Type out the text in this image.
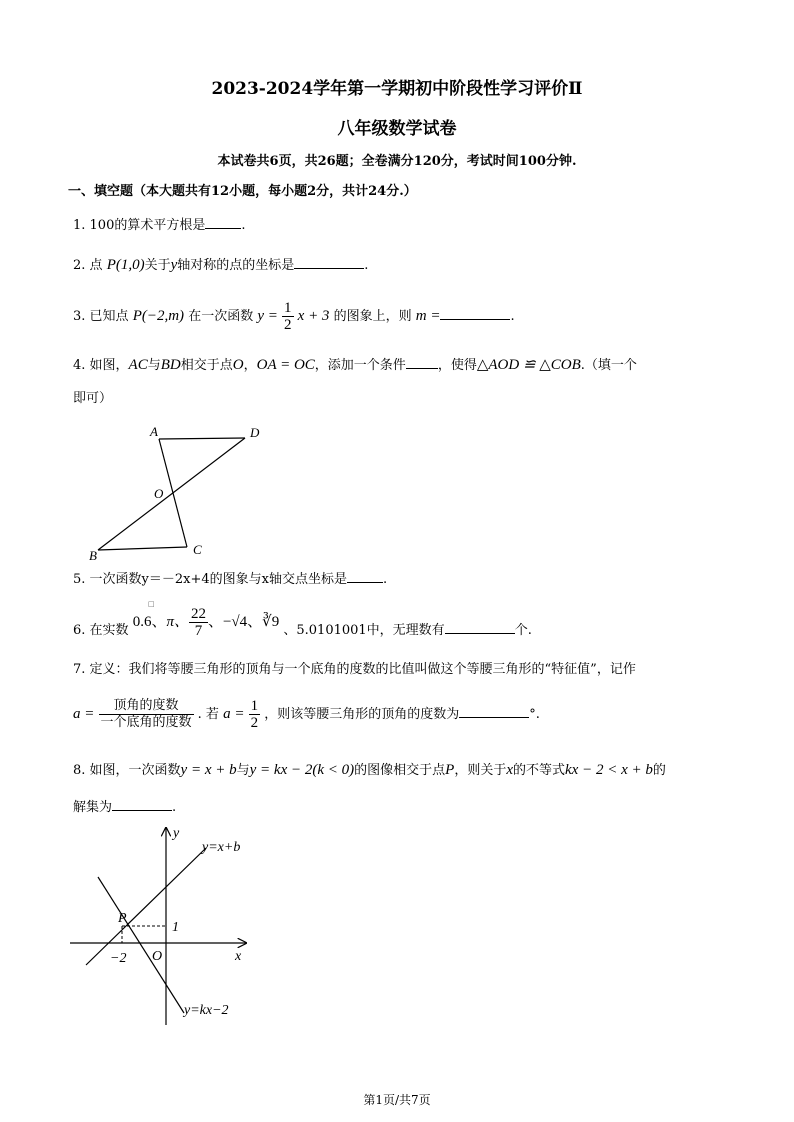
2023-2024学年第一学期初中阶段性学习评价Ⅱ
八年级数学试卷
本试卷共6页，共26题；全卷满分120分，考试时间100分钟.
一、填空题（本大题共有12小题，每小题2分，共计24分.）
1. 100的算术平方根是	.
2. 点 P(1,0)关于y轴对称的点的坐标是	.
3. 已知点 P(−2,m) 在一次函数 $y = \frac{1}{2}$ x + 3 的图象上，则 m =	.
4. 如图，AC与BD相交于点O，OA = OC，添加一个条件 ，使得△AOD ≌ △COB.（填一个
即可）
A	D
O
B	C
5. 一次函数y＝－2x+4的图象与x轴交点坐标是	.
□
6. 在实数 0.6、π、 $\frac{22}{7}$ 、−√4、∛9 、5.0101001中，无理数有	个.
7. 定义：我们将等腰三角形的顶角与一个底角的度数的比值叫做这个等腰三角形的“特征值”，记作
$a = \frac{\text{顶角的度数}}{\text{一个底角的度数}}$ . 若 $a = \frac{1}{2}$ ，则该等腰三角形的顶角的度数为	°.
8. 如图，一次函数y = x + b与y = kx − 2(k < 0)的图像相交于点P，则关于x的不等式kx − 2 < x + b的
解集为	.
y
x
y=x+b
y=kx−2
P
1
−2 O
第1页/共7页
